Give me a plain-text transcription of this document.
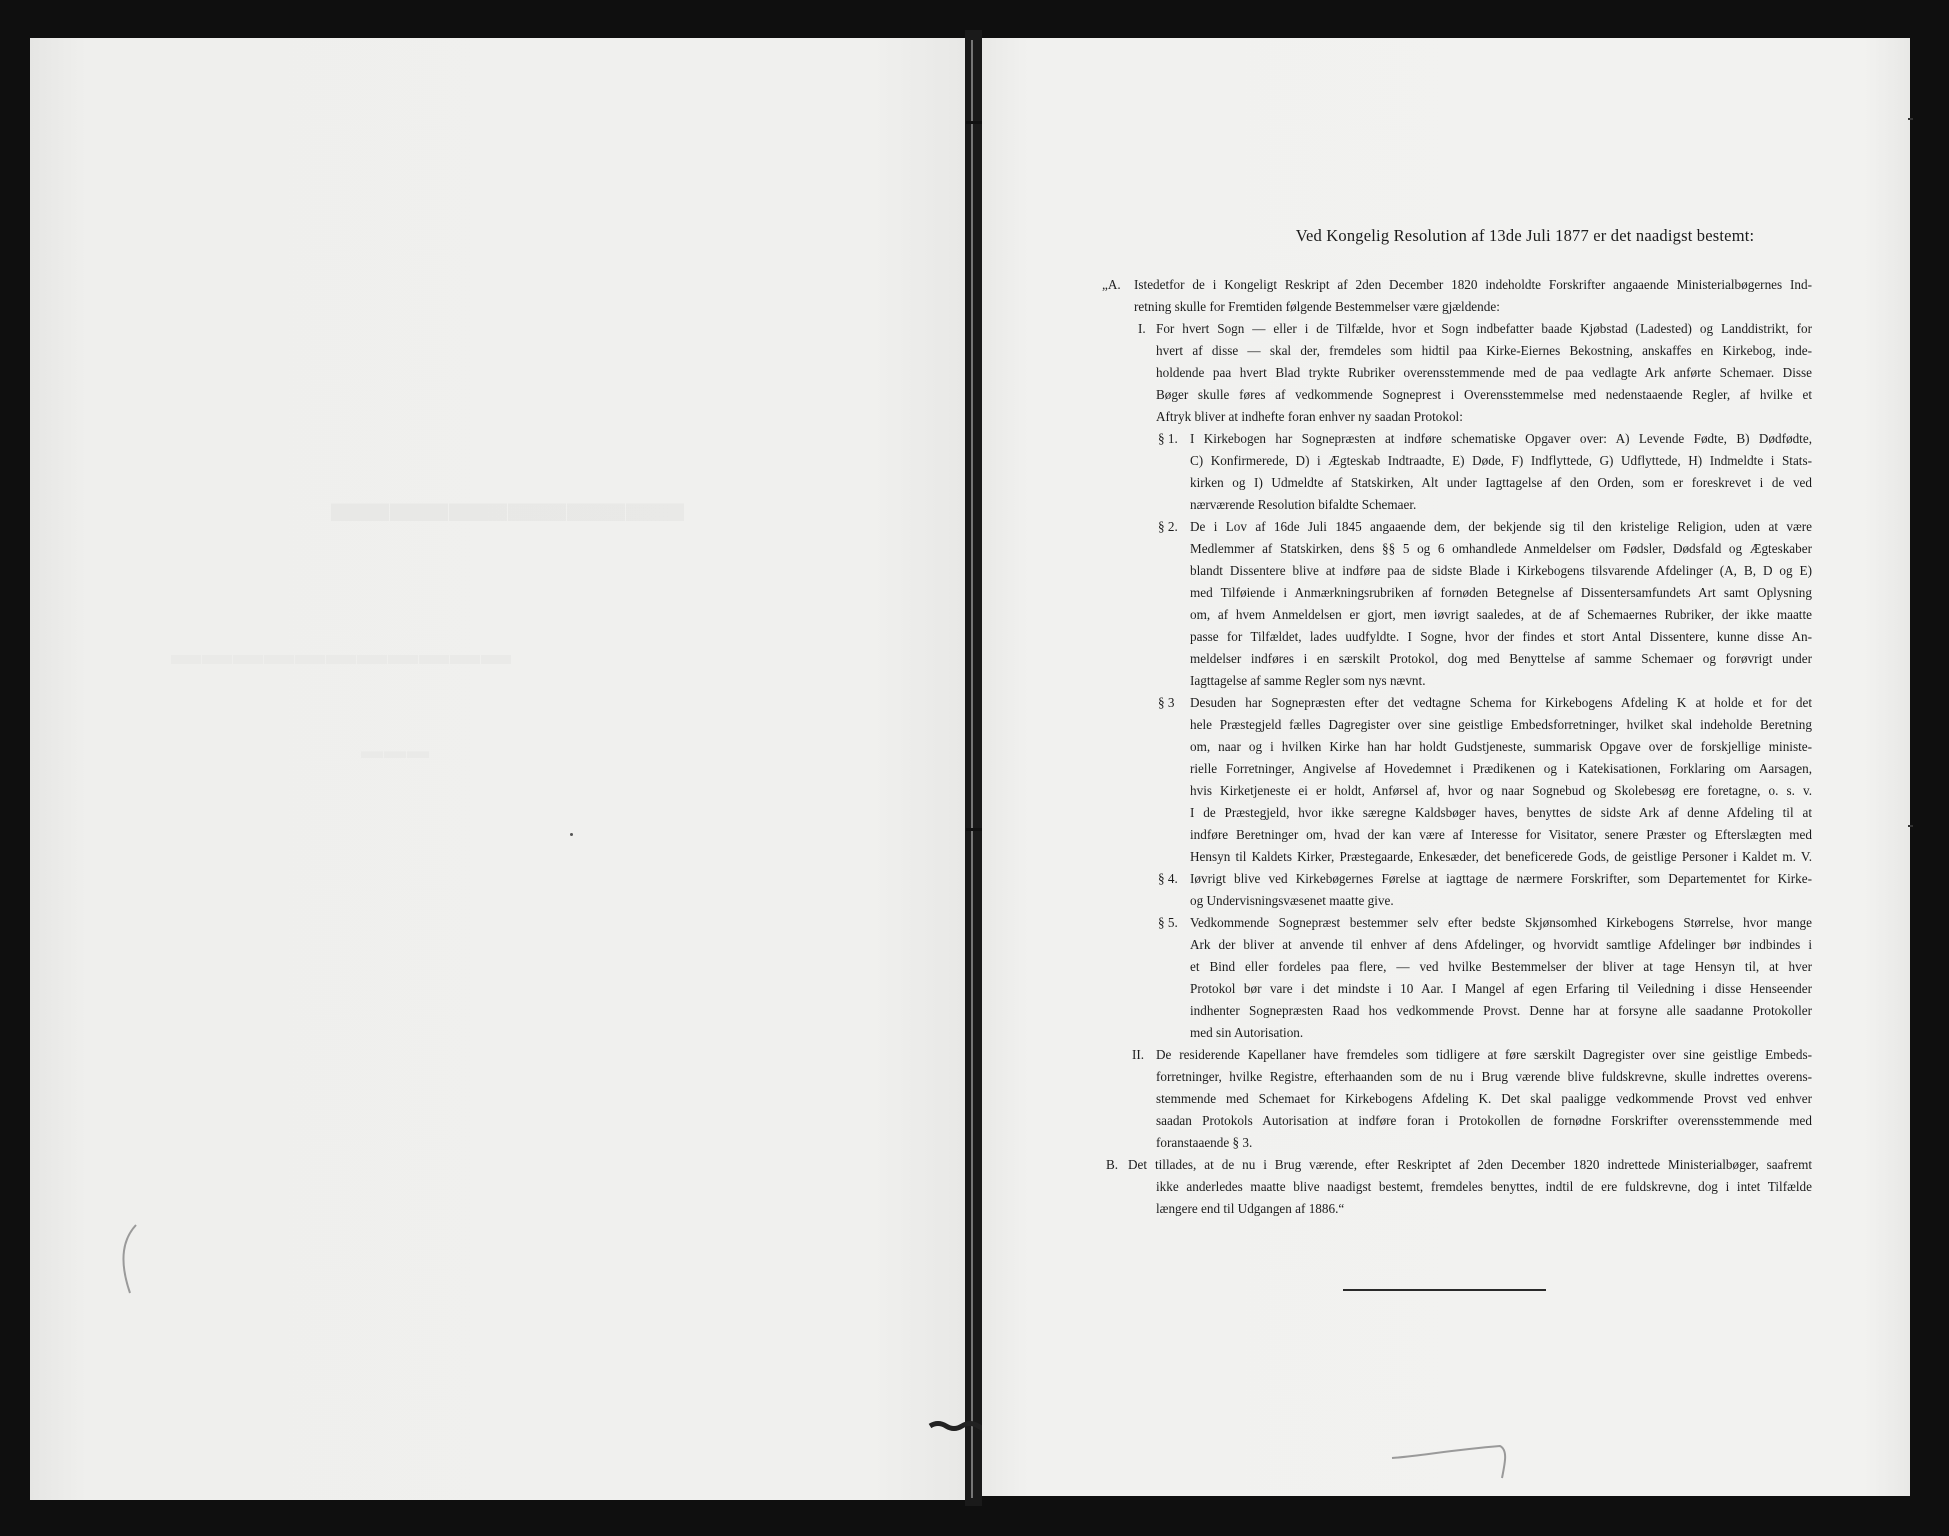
▬▬▬▬▬▬
▬▬▬▬▬▬▬▬▬▬▬
▬▬▬
Ved Kongelig Resolution af 13de Juli 1877 er det naadigst bestemt:
„A.
I.
§ 1.
§ 2.
§ 3
§ 4.
§ 5.
II.
B.
Istedetfor de i Kongeligt Reskript af 2den December 1820 indeholdte Forskrifter angaaende Ministerialbøgernes Ind-
retning skulle for Fremtiden følgende Bestemmelser være gjældende:
For hvert Sogn — eller i de Tilfælde, hvor et Sogn indbefatter baade Kjøbstad (Ladested) og Landdistrikt, for
hvert af disse — skal der, fremdeles som hidtil paa Kirke-Eiernes Bekostning, anskaffes en Kirkebog, inde-
holdende paa hvert Blad trykte Rubriker overensstemmende med de paa vedlagte Ark anførte Schemaer. Disse
Bøger skulle føres af vedkommende Sogneprest i Overensstemmelse med nedenstaaende Regler, af hvilke et
Aftryk bliver at indhefte foran enhver ny saadan Protokol:
I Kirkebogen har Sognepræsten at indføre schematiske Opgaver over: A) Levende Fødte, B) Dødfødte,
C) Konfirmerede, D) i Ægteskab Indtraadte, E) Døde, F) Indflyttede, G) Udflyttede, H) Indmeldte i Stats-
kirken og I) Udmeldte af Statskirken, Alt under Iagttagelse af den Orden, som er foreskrevet i de ved
nærværende Resolution bifaldte Schemaer.
De i Lov af 16de Juli 1845 angaaende dem, der bekjende sig til den kristelige Religion, uden at være
Medlemmer af Statskirken, dens §§ 5 og 6 omhandlede Anmeldelser om Fødsler, Dødsfald og Ægteskaber
blandt Dissentere blive at indføre paa de sidste Blade i Kirkebogens tilsvarende Afdelinger (A, B, D og E)
med Tilføiende i Anmærkningsrubriken af fornøden Betegnelse af Dissentersamfundets Art samt Oplysning
om, af hvem Anmeldelsen er gjort, men iøvrigt saaledes, at de af Schemaernes Rubriker, der ikke maatte
passe for Tilfældet, lades uudfyldte. I Sogne, hvor der findes et stort Antal Dissentere, kunne disse An-
meldelser indføres i en særskilt Protokol, dog med Benyttelse af samme Schemaer og forøvrigt under
Iagttagelse af samme Regler som nys nævnt.
Desuden har Sognepræsten efter det vedtagne Schema for Kirkebogens Afdeling K at holde et for det
hele Præstegjeld fælles Dagregister over sine geistlige Embedsforretninger, hvilket skal indeholde Beretning
om, naar og i hvilken Kirke han har holdt Gudstjeneste, summarisk Opgave over de forskjellige ministe-
rielle Forretninger, Angivelse af Hovedemnet i Prædikenen og i Katekisationen, Forklaring om Aarsagen,
hvis Kirketjeneste ei er holdt, Anførsel af, hvor og naar Sognebud og Skolebesøg ere foretagne, o. s. v.
I de Præstegjeld, hvor ikke særegne Kaldsbøger haves, benyttes de sidste Ark af denne Afdeling til at
indføre Beretninger om, hvad der kan være af Interesse for Visitator, senere Præster og Efterslægten med
Hensyn til Kaldets Kirker, Præstegaarde, Enkesæder, det beneficerede Gods, de geistlige Personer i Kaldet m. V.
Iøvrigt blive ved Kirkebøgernes Førelse at iagttage de nærmere Forskrifter, som Departementet for Kirke-
og Undervisningsvæsenet maatte give.
Vedkommende Sognepræst bestemmer selv efter bedste Skjønsomhed Kirkebogens Størrelse, hvor mange
Ark der bliver at anvende til enhver af dens Afdelinger, og hvorvidt samtlige Afdelinger bør indbindes i
et Bind eller fordeles paa flere, — ved hvilke Bestemmelser der bliver at tage Hensyn til, at hver
Protokol bør vare i det mindste i 10 Aar. I Mangel af egen Erfaring til Veiledning i disse Henseender
indhenter Sognepræsten Raad hos vedkommende Provst. Denne har at forsyne alle saadanne Protokoller
med sin Autorisation.
De residerende Kapellaner have fremdeles som tidligere at føre særskilt Dagregister over sine geistlige Embeds-
forretninger, hvilke Registre, efterhaanden som de nu i Brug værende blive fuldskrevne, skulle indrettes overens-
stemmende med Schemaet for Kirkebogens Afdeling K. Det skal paaligge vedkommende Provst ved enhver
saadan Protokols Autorisation at indføre foran i Protokollen de fornødne Forskrifter overensstemmende med
foranstaaende § 3.
Det tillades, at de nu i Brug værende, efter Reskriptet af 2den December 1820 indrettede Ministerialbøger, saafremt
ikke anderledes maatte blive naadigst bestemt, fremdeles benyttes, indtil de ere fuldskrevne, dog i intet Tilfælde
længere end til Udgangen af 1886.“
